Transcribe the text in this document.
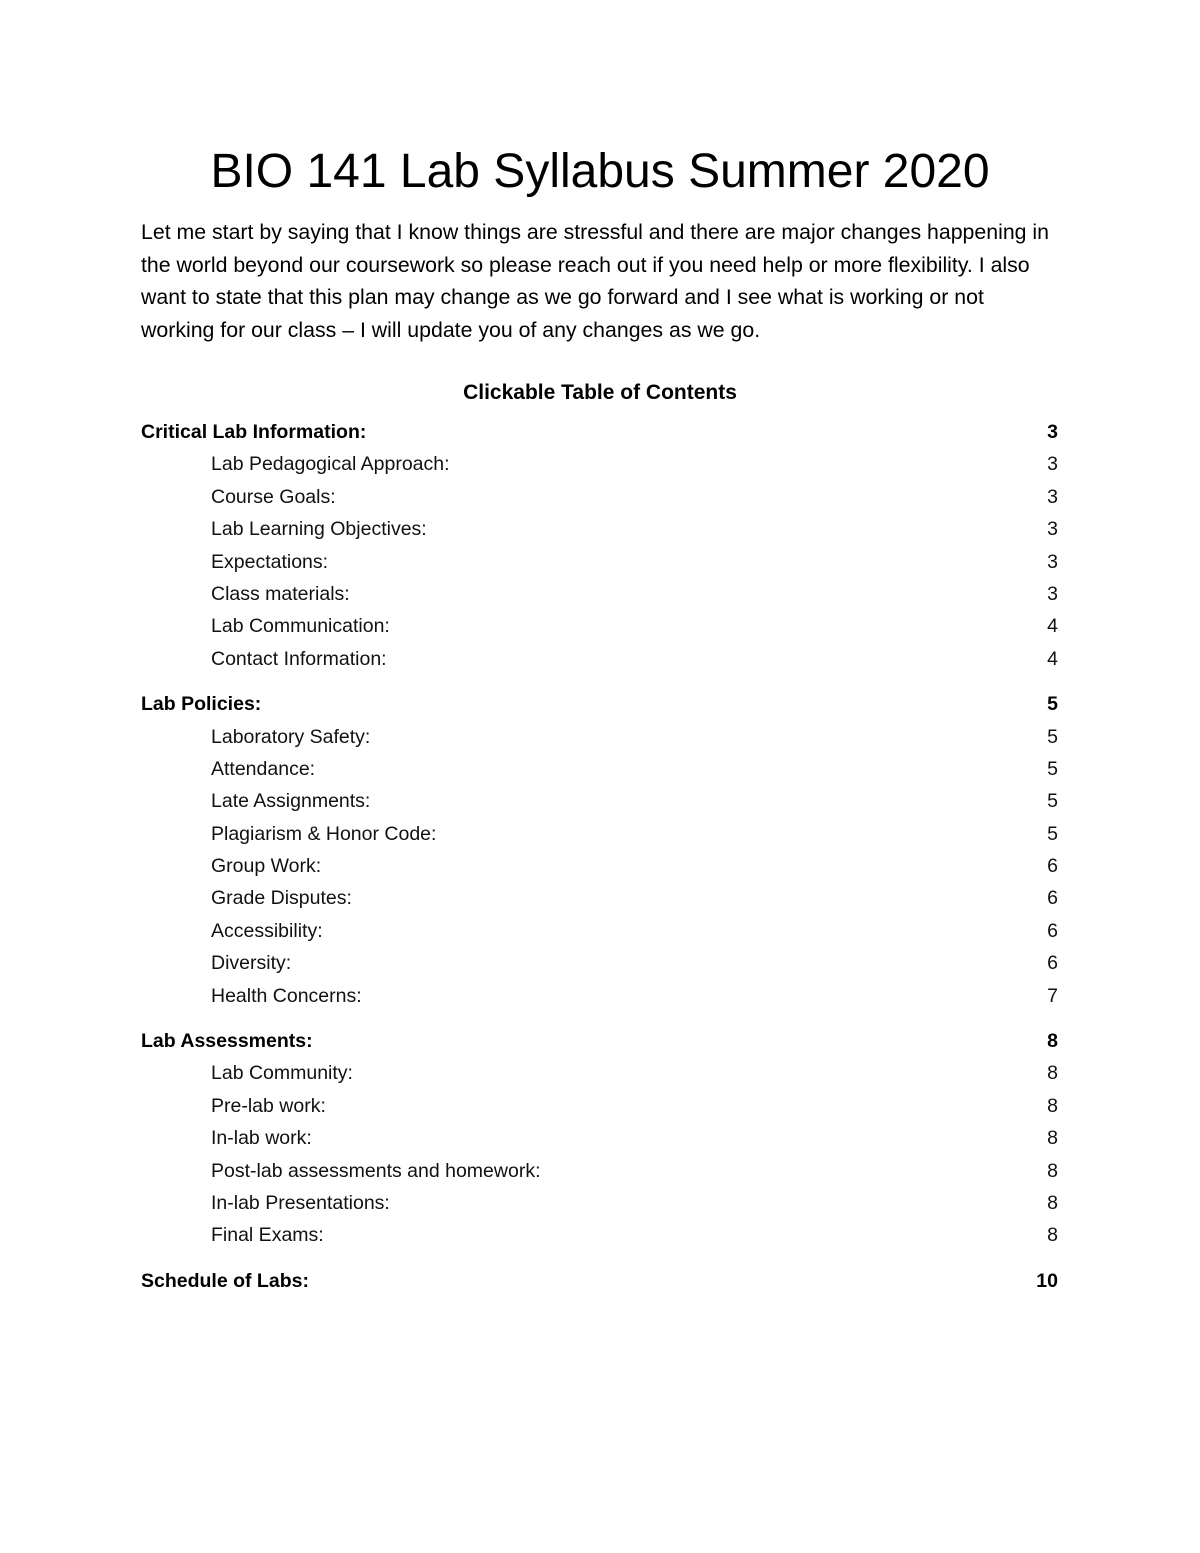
BIO 141 Lab Syllabus Summer 2020

Let me start by saying that I know things are stressful and there are major changes happening in the world beyond our coursework so please reach out if you need help or more flexibility. I also want to state that this plan may change as we go forward and I see what is working or not working for our class – I will update you of any changes as we go.

Clickable Table of Contents
Critical Lab Information:	3
Lab Pedagogical Approach:	3
Course Goals:	3
Lab Learning Objectives:	3
Expectations:	3
Class materials:	3
Lab Communication:	4
Contact Information:	4
Lab Policies:	5
Laboratory Safety:	5
Attendance:	5
Late Assignments:	5
Plagiarism & Honor Code:	5
Group Work:	6
Grade Disputes:	6
Accessibility:	6
Diversity:	6
Health Concerns:	7
Lab Assessments:	8
Lab Community:	8
Pre-lab work:	8
In-lab work:	8
Post-lab assessments and homework:	8
In-lab Presentations:	8
Final Exams:	8
Schedule of Labs:	10
